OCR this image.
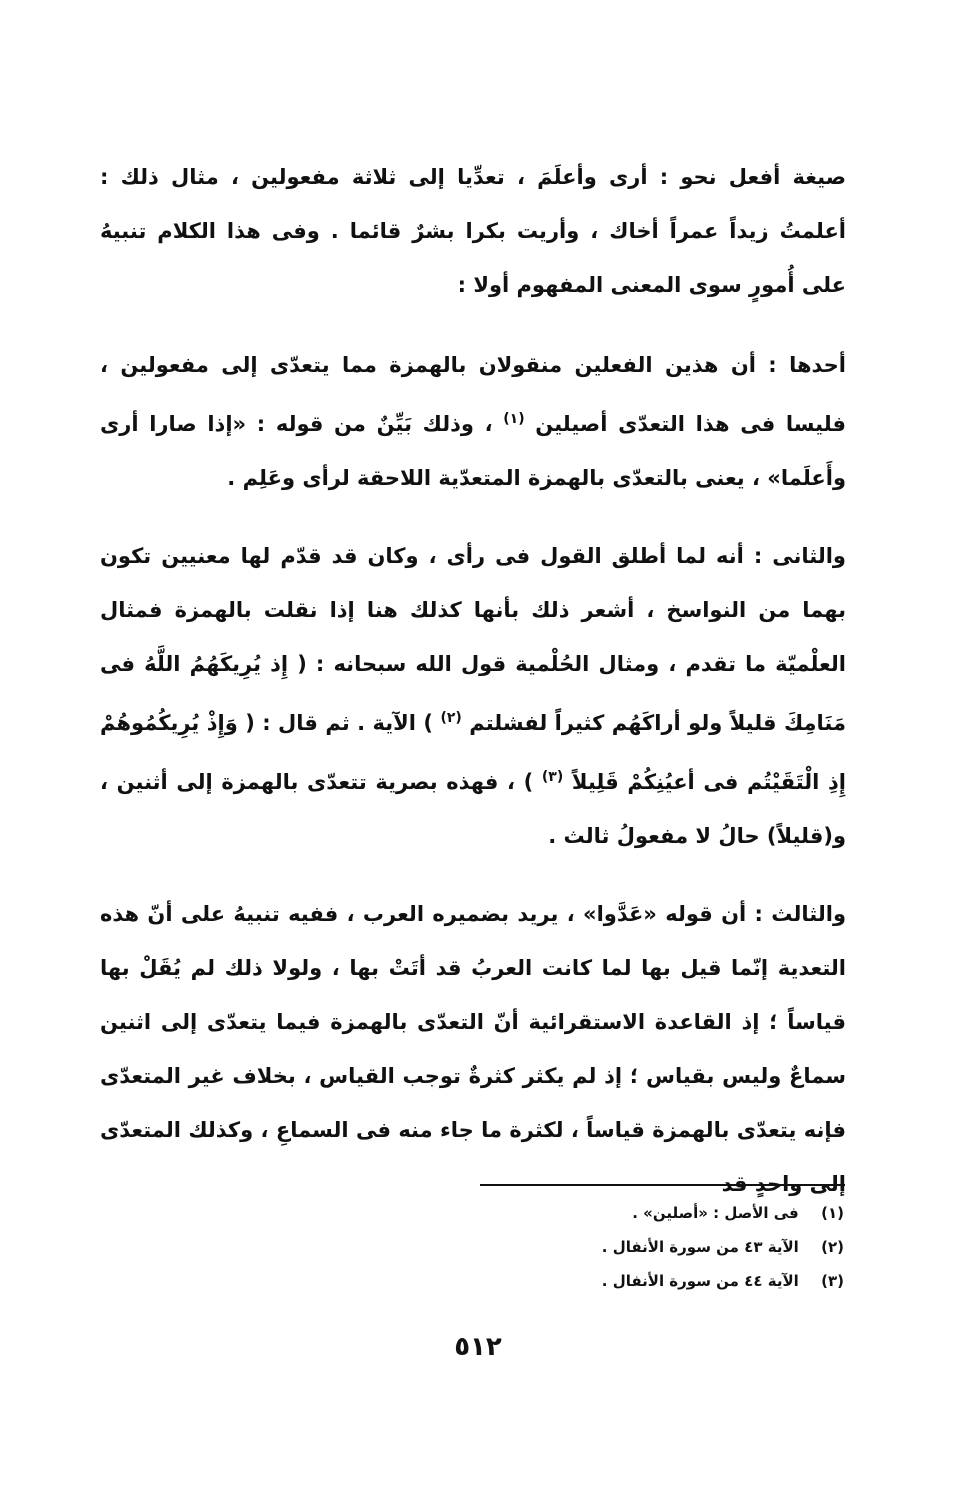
صيغة أفعل نحو : أرى وأعلَمَ ، تعدِّيا إلى ثلاثة مفعولين ، مثال ذلك : أعلمتُ زيداً عمراً أخاك ، وأريت بكرا بشرٌ قائما . وفى هذا الكلام تنبيهُ على أُمورٍ سوى المعنى المفهوم أولا :

أحدها : أن هذين الفعلين منقولان بالهمزة مما يتعدّى إلى مفعولين ، فليسا فى هذا التعدّى أصيلين $^{(١)}$ ، وذلك بَيِّنٌ من قوله : «إذا صارا أرى وأَعلَما» ، يعنى بالتعدّى بالهمزة المتعدّية اللاحقة لرأى وعَلِم .

والثانى : أنه لما أطلق القول فى رأى ، وكان قد قدّم لها معنيين تكون بهما من النواسخ ، أشعر ذلك بأنها كذلك هنا إذا نقلت بالهمزة فمثال العلْميّة ما تقدم ، ومثال الحُلْمية قول الله سبحانه : ( إِذ يُرِيكَهُمُ اللَّهُ فى مَنَامِكَ قليلاً ولو أراكَهُم كثيراً لفشلتم $^{(٢)}$ ) الآية . ثم قال : ( وَإِذْ يُرِيكُمُوهُمْ إِذِ الْتَقَيْتُم فى أعيُنِكُمْ قَلِيلاً $^{(٣)}$ ) ، فهذه بصرية تتعدّى بالهمزة إلى أثنين ، و(قليلاً) حالُ لا مفعولُ ثالث .

والثالث : أن قوله «عَدَّوا» ، يريد بضميره العرب ، ففيه تنبيهُ على أنّ هذه التعدية إنّما قيل بها لما كانت العربُ قد أتَتْ بها ، ولولا ذلك لم يُقَلْ بها قياساً ؛ إذ القاعدة الاستقرائية أنّ التعدّى بالهمزة فيما يتعدّى إلى اثنين سماعٌ وليس بقياس ؛ إذ لم يكثر كثرةٌ توجب القياس ، بخلاف غير المتعدّى فإنه يتعدّى بالهمزة قياساً ، لكثرة ما جاء منه فى السماعِ ، وكذلك المتعدّى إلى واحدٍ قد

(١) فى الأصل : «أصلين» .
(٢) الآية ٤٣ من سورة الأنفال .
(٣) الآية ٤٤ من سورة الأنفال .
٥١٢
